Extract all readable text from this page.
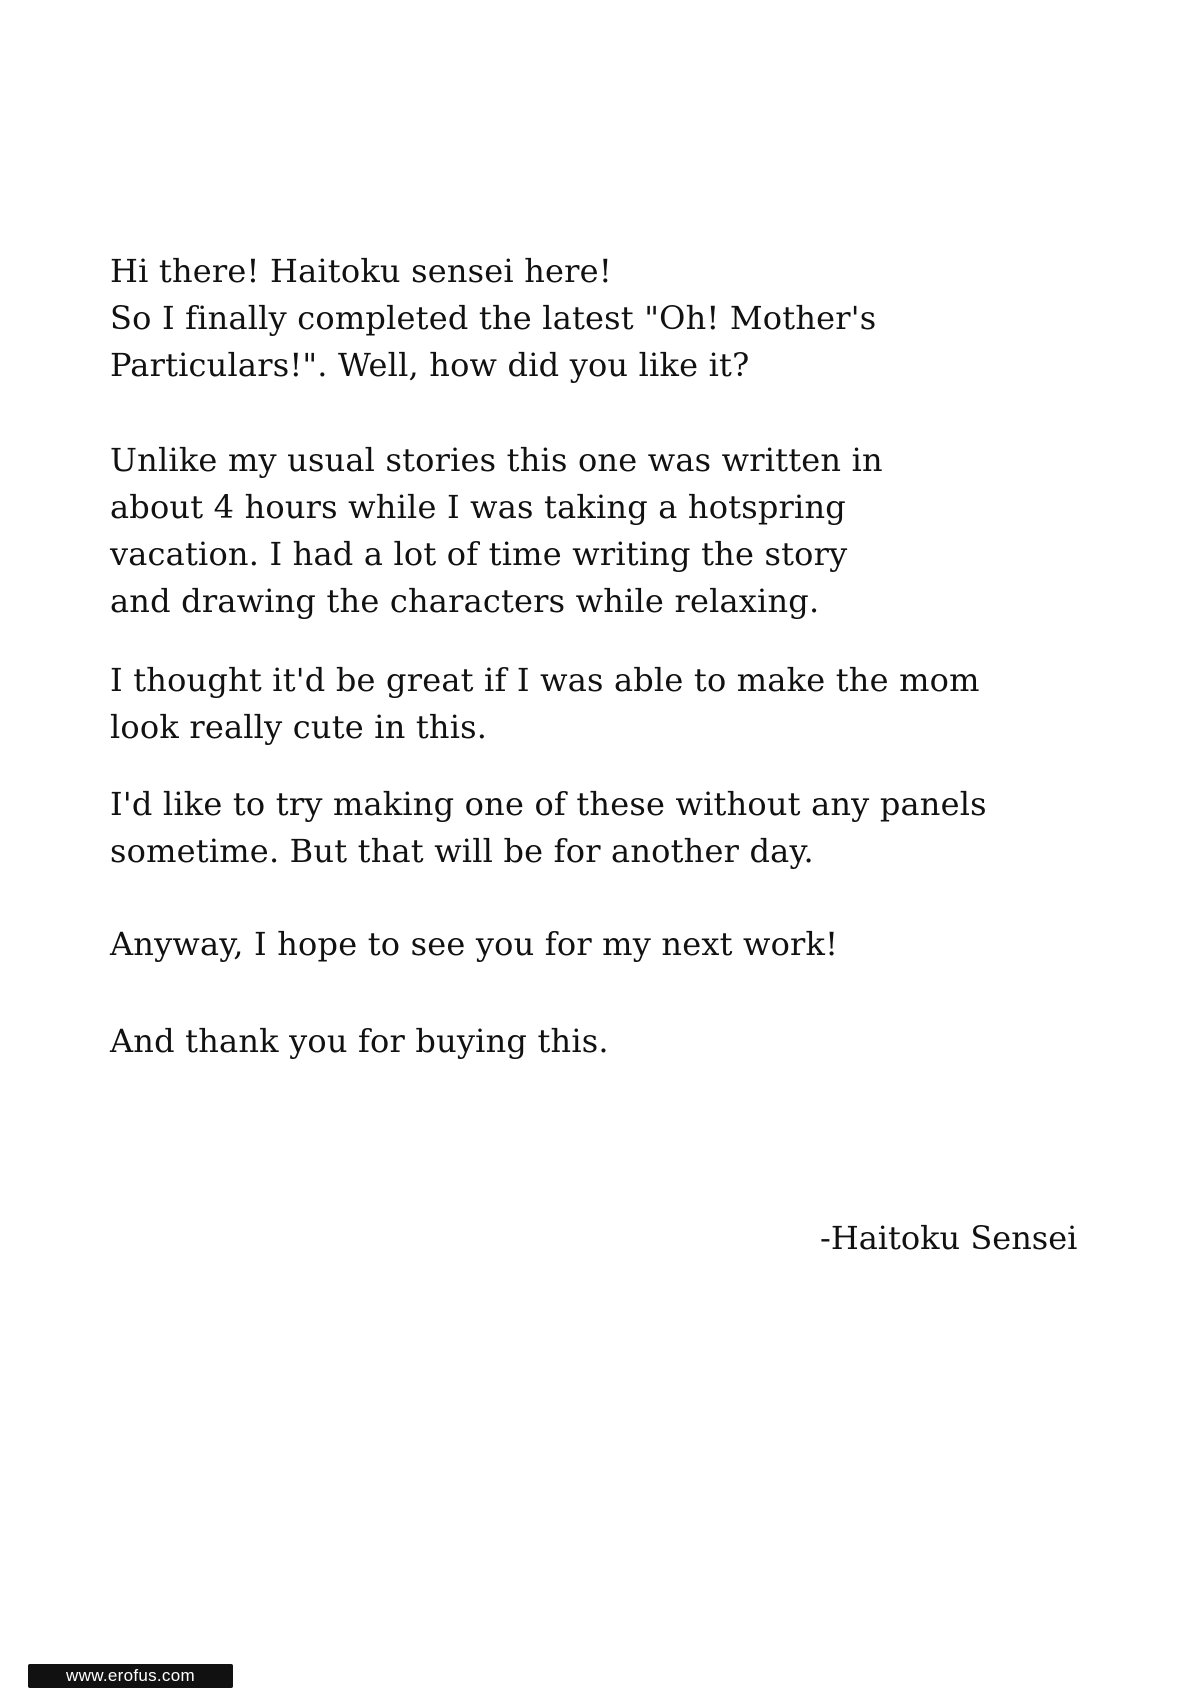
Hi there! Haitoku sensei here!
So I finally completed the latest "Oh! Mother's
Particulars!". Well, how did you like it?

Unlike my usual stories this one was written in
about 4 hours while I was taking a hotspring
vacation. I had a lot of time writing the story
and drawing the characters while relaxing.

I thought it'd be great if I was able to make the mom
look really cute in this.

I'd like to try making one of these without any panels
sometime. But that will be for another day.

Anyway, I hope to see you for my next work!

And thank you for buying this.

-Haitoku Sensei
www.erofus.com
